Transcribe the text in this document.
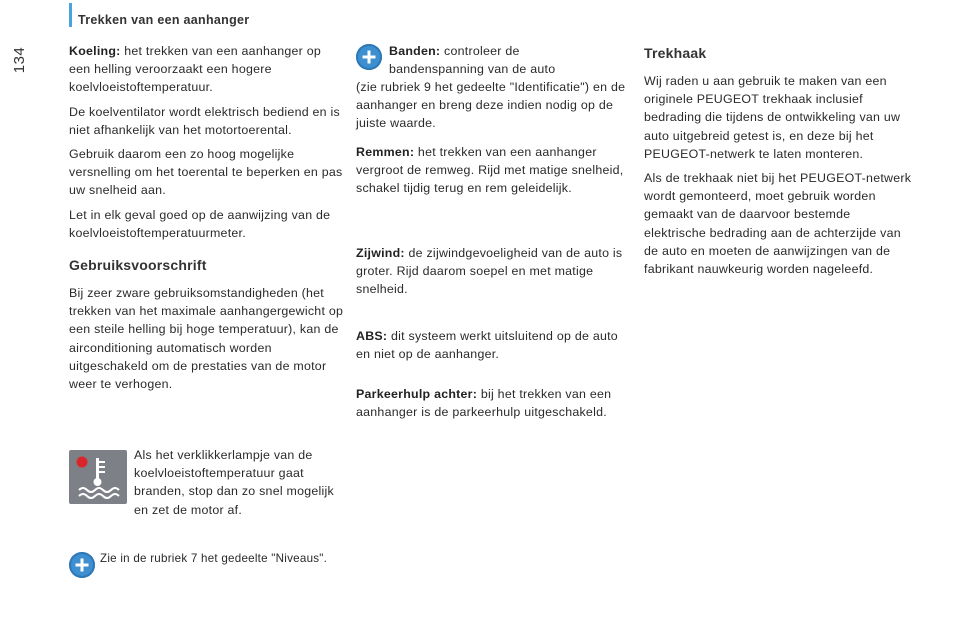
Trekken van een aanhanger
134	Koeling: het trekken van een aanhanger op een helling veroorzaakt een hogere koelvloeistoftemperatuur.

De koelventilator wordt elektrisch bediend en is niet afhankelijk van het motortoerental.

Gebruik daarom een zo hoog mogelijke versnelling om het toerental te beperken en pas uw snelheid aan.

Let in elk geval goed op de aanwijzing van de koelvloeistoftemperatuurmeter.

Gebruiksvoorschrift

Bij zeer zware gebruiksomstandigheden (het trekken van het maximale aanhangergewicht op een steile helling bij hoge temperatuur), kan de airconditioning automatisch worden uitgeschakeld om de prestaties van de motor weer te verhogen.

Als het verklikkerlampje van de koelvloeistoftemperatuur gaat branden, stop dan zo snel mogelijk en zet de motor af.

Zie in de rubriek 7 het gedeelte "Niveaus".

Banden: controleer de

bandenspanning van de auto

(zie rubriek 9 het gedeelte "Identificatie") en de aanhanger en breng deze indien nodig op de juiste waarde.

Remmen: het trekken van een aanhanger vergroot de remweg. Rijd met matige snelheid, schakel tijdig terug en rem geleidelijk.

Zijwind: de zijwindgevoeligheid van de auto is groter. Rijd daarom soepel en met matige snelheid.

ABS: dit systeem werkt uitsluitend op de auto en niet op de aanhanger.

Parkeerhulp achter: bij het trekken van een aanhanger is de parkeerhulp uitgeschakeld.

Trekhaak

Wij raden u aan gebruik te maken van een originele PEUGEOT trekhaak inclusief bedrading die tijdens de ontwikkeling van uw auto uitgebreid getest is, en deze bij het PEUGEOT-netwerk te laten monteren.

Als de trekhaak niet bij het PEUGEOT-netwerk wordt gemonteerd, moet gebruik worden gemaakt van de daarvoor bestemde elektrische bedrading aan de achterzijde van de auto en moeten de aanwijzingen van de fabrikant nauwkeurig worden nageleefd.
